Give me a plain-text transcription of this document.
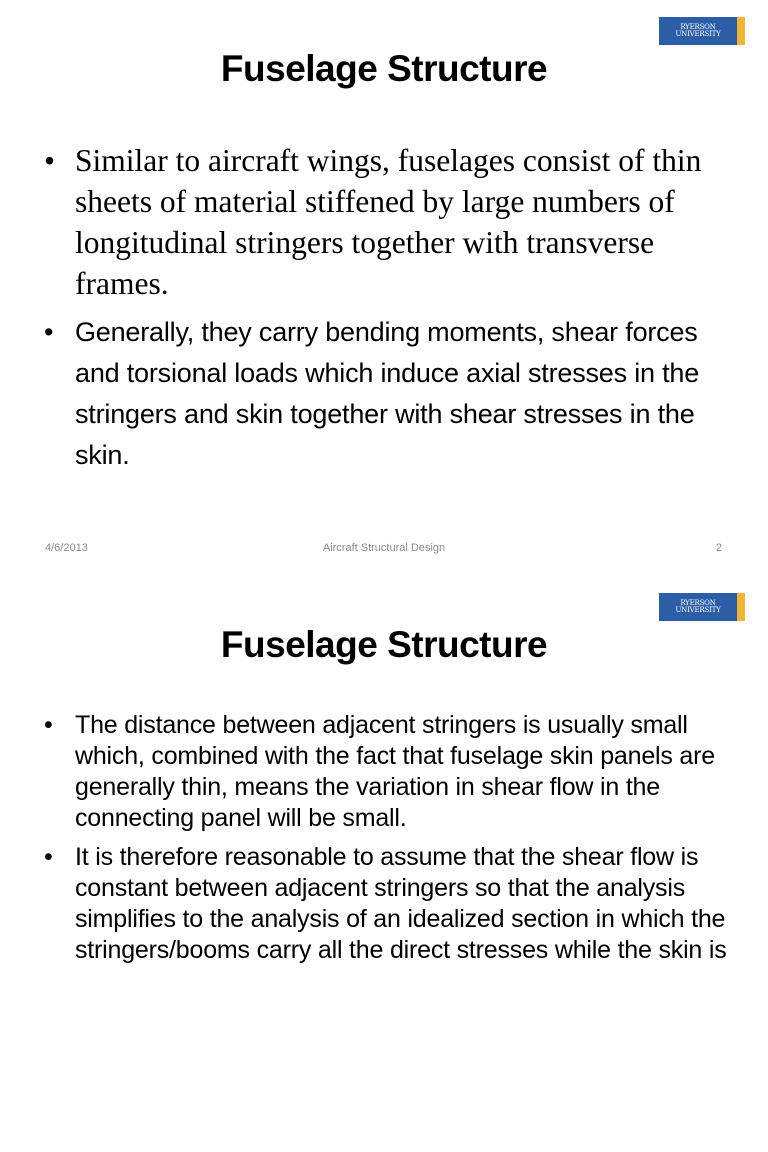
RYERSON
UNIVERSITY
Fuselage Structure
• Similar to aircraft wings, fuselages consist of thin sheets of material stiffened by large numbers of longitudinal stringers together with transverse frames.
• Generally, they carry bending moments, shear forces and torsional loads which induce axial stresses in the stringers and skin together with shear stresses in the skin.
4/6/2013	Aircraft Structural Design	2
RYERSON
UNIVERSITY
Fuselage Structure
• The distance between adjacent stringers is usually small which, combined with the fact that fuselage skin panels are generally thin, means the variation in shear flow in the connecting panel will be small.
• It is therefore reasonable to assume that the shear flow is constant between adjacent stringers so that the analysis simplifies to the analysis of an idealized section in which the stringers/booms carry all the direct stresses while the skin is
